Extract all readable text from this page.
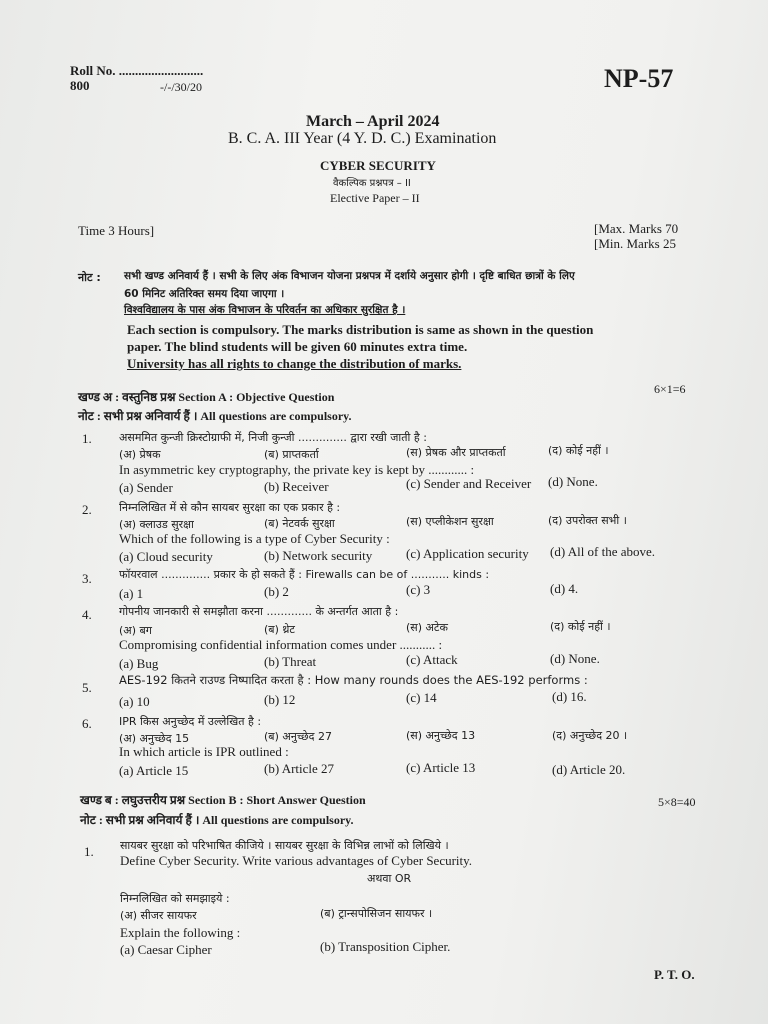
Roll No. ..........................
800	-/-/30/20	NP-57
March – April 2024
B. C. A. III Year (4 Y. D. C.) Examination
CYBER SECURITY
वैकल्पिक प्रश्नपत्र – II
Elective Paper – II
Time 3 Hours]	[Max. Marks 70
[Min. Marks 25
नोट : सभी खण्ड अनिवार्य हैं । सभी के लिए अंक विभाजन योजना प्रश्नपत्र में दर्शाये अनुसार होगी । दृष्टि बाधित छात्रों के लिए
60 मिनिट अतिरिक्त समय दिया जाएगा ।
विश्वविद्यालय के पास अंक विभाजन के परिवर्तन का अधिकार सुरक्षित है ।
Each section is compulsory. The marks distribution is same as shown in the question
paper. The blind students will be given 60 minutes extra time.
University has all rights to change the distribution of marks.
खण्ड अ : वस्तुनिष्ठ प्रश्न Section A : Objective Question
6×1=6
नोट : सभी प्रश्न अनिवार्य हैं । All questions are compulsory.
1. असममित कुन्जी क्रिस्टोग्राफी में, निजी कुन्जी .............. द्वारा रखी जाती है :
(अ) प्रेषक	(ब) प्राप्तकर्ता	(स) प्रेषक और प्राप्तकर्ता	(द) कोई नहीं ।
In asymmetric key cryptography, the private key is kept by ............ :
(a) Sender	(b) Receiver	(c) Sender and Receiver (d) None.
2. निम्नलिखित में से कौन सायबर सुरक्षा का एक प्रकार है :
(अ) क्लाउड सुरक्षा	(ब) नेटवर्क सुरक्षा	(स) एप्लीकेशन सुरक्षा	(द) उपरोक्त सभी ।
Which of the following is a type of Cyber Security :
(a) Cloud security	(b) Network security	(c) Application security (d) All of the above.
3. फॉयरवाल .............. प्रकार के हो सकते हैं : Firewalls can be of ........... kinds :
(a) 1	(b) 2	(c) 3	(d) 4.
4. गोपनीय जानकारी से समझौता करना ............. के अन्तर्गत आता है :
(अ) बग	(ब) थ्रेट	(स) अटेक	(द) कोई नहीं ।
Compromising confidential information comes under ........... :
(a) Bug	(b) Threat	(c) Attack	(d) None.
5. AES-192 कितने राउण्ड निष्पादित करता है : How many rounds does the AES-192 performs :
(a) 10	(b) 12	(c) 14	(d) 16.
6. IPR किस अनुच्छेद में उल्लेखित है :
(अ) अनुच्छेद 15	(ब) अनुच्छेद 27	(स) अनुच्छेद 13	(द) अनुच्छेद 20 ।
In which article is IPR outlined :
(a) Article 15	(b) Article 27	(c) Article 13	(d) Article 20.
खण्ड ब : लघुउत्तरीय प्रश्न Section B : Short Answer Question	5×8=40
नोट : सभी प्रश्न अनिवार्य हैं । All questions are compulsory.
1. सायबर सुरक्षा को परिभाषित कीजिये । सायबर सुरक्षा के विभिन्न लाभों को लिखिये ।
Define Cyber Security. Write various advantages of Cyber Security.
अथवा OR
निम्नलिखित को समझाइये :
(अ) सीजर सायफर	(ब) ट्रान्सपोसिजन सायफर ।
Explain the following :
(a) Caesar Cipher	(b) Transposition Cipher.
P. T. O.
